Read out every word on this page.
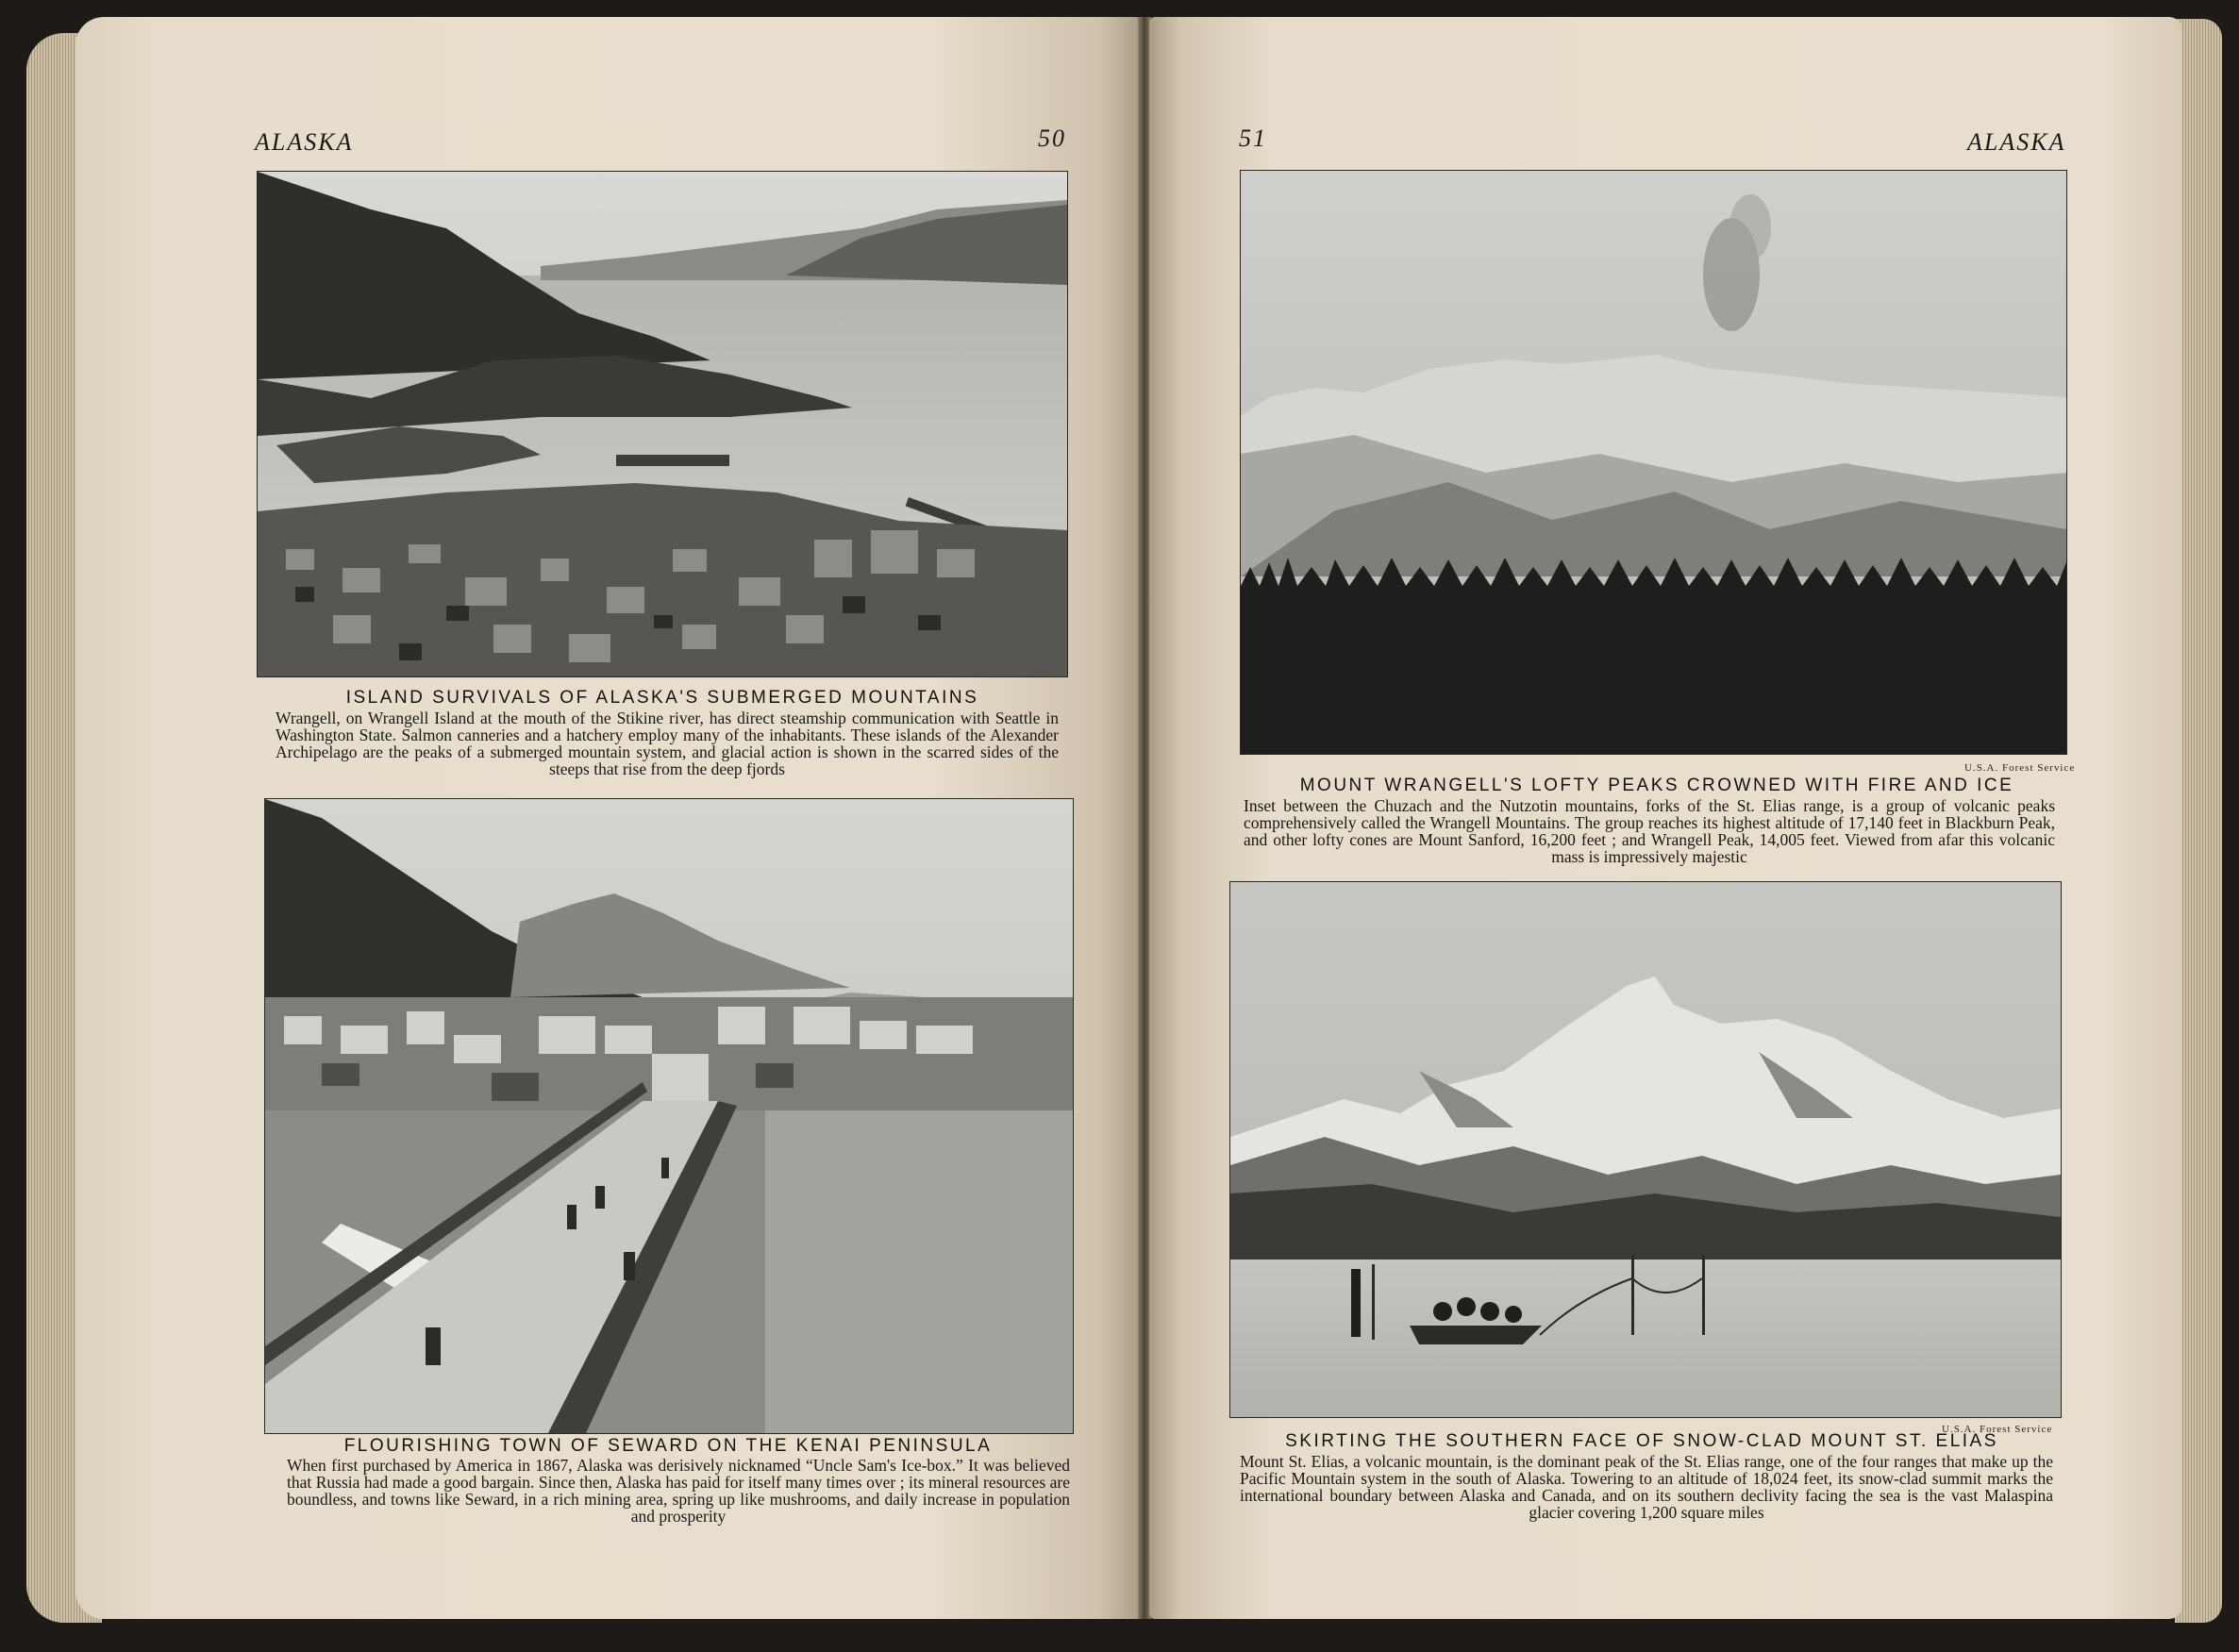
ALASKA	50
ISLAND SURVIVALS OF ALASKA'S SUBMERGED MOUNTAINS
Wrangell, on Wrangell Island at the mouth of the Stikine river, has direct steamship communication with Seattle in Washington State. Salmon canneries and a hatchery employ many of the inhabitants. These islands of the Alexander Archipelago are the peaks of a submerged mountain system, and glacial action is shown in the scarred sides of the steeps that rise from the deep fjords
FLOURISHING TOWN OF SEWARD ON THE KENAI PENINSULA
When first purchased by America in 1867, Alaska was derisively nicknamed “Uncle Sam's Ice-box.” It was believed that Russia had made a good bargain. Since then, Alaska has paid for itself many times over ; its mineral resources are boundless, and towns like Seward, in a rich mining area, spring up like mushrooms, and daily increase in population and prosperity
51	ALASKA
U.S.A. Forest Service
MOUNT WRANGELL'S LOFTY PEAKS CROWNED WITH FIRE AND ICE
Inset between the Chuzach and the Nutzotin mountains, forks of the St. Elias range, is a group of volcanic peaks comprehensively called the Wrangell Mountains. The group reaches its highest altitude of 17,140 feet in Blackburn Peak, and other lofty cones are Mount Sanford, 16,200 feet ; and Wrangell Peak, 14,005 feet. Viewed from afar this volcanic mass is impressively majestic
U.S.A. Forest Service
SKIRTING THE SOUTHERN FACE OF SNOW-CLAD MOUNT ST. ELIAS
Mount St. Elias, a volcanic mountain, is the dominant peak of the St. Elias range, one of the four ranges that make up the Pacific Mountain system in the south of Alaska. Towering to an altitude of 18,024 feet, its snow-clad summit marks the international boundary between Alaska and Canada, and on its southern declivity facing the sea is the vast Malaspina glacier covering 1,200 square miles
